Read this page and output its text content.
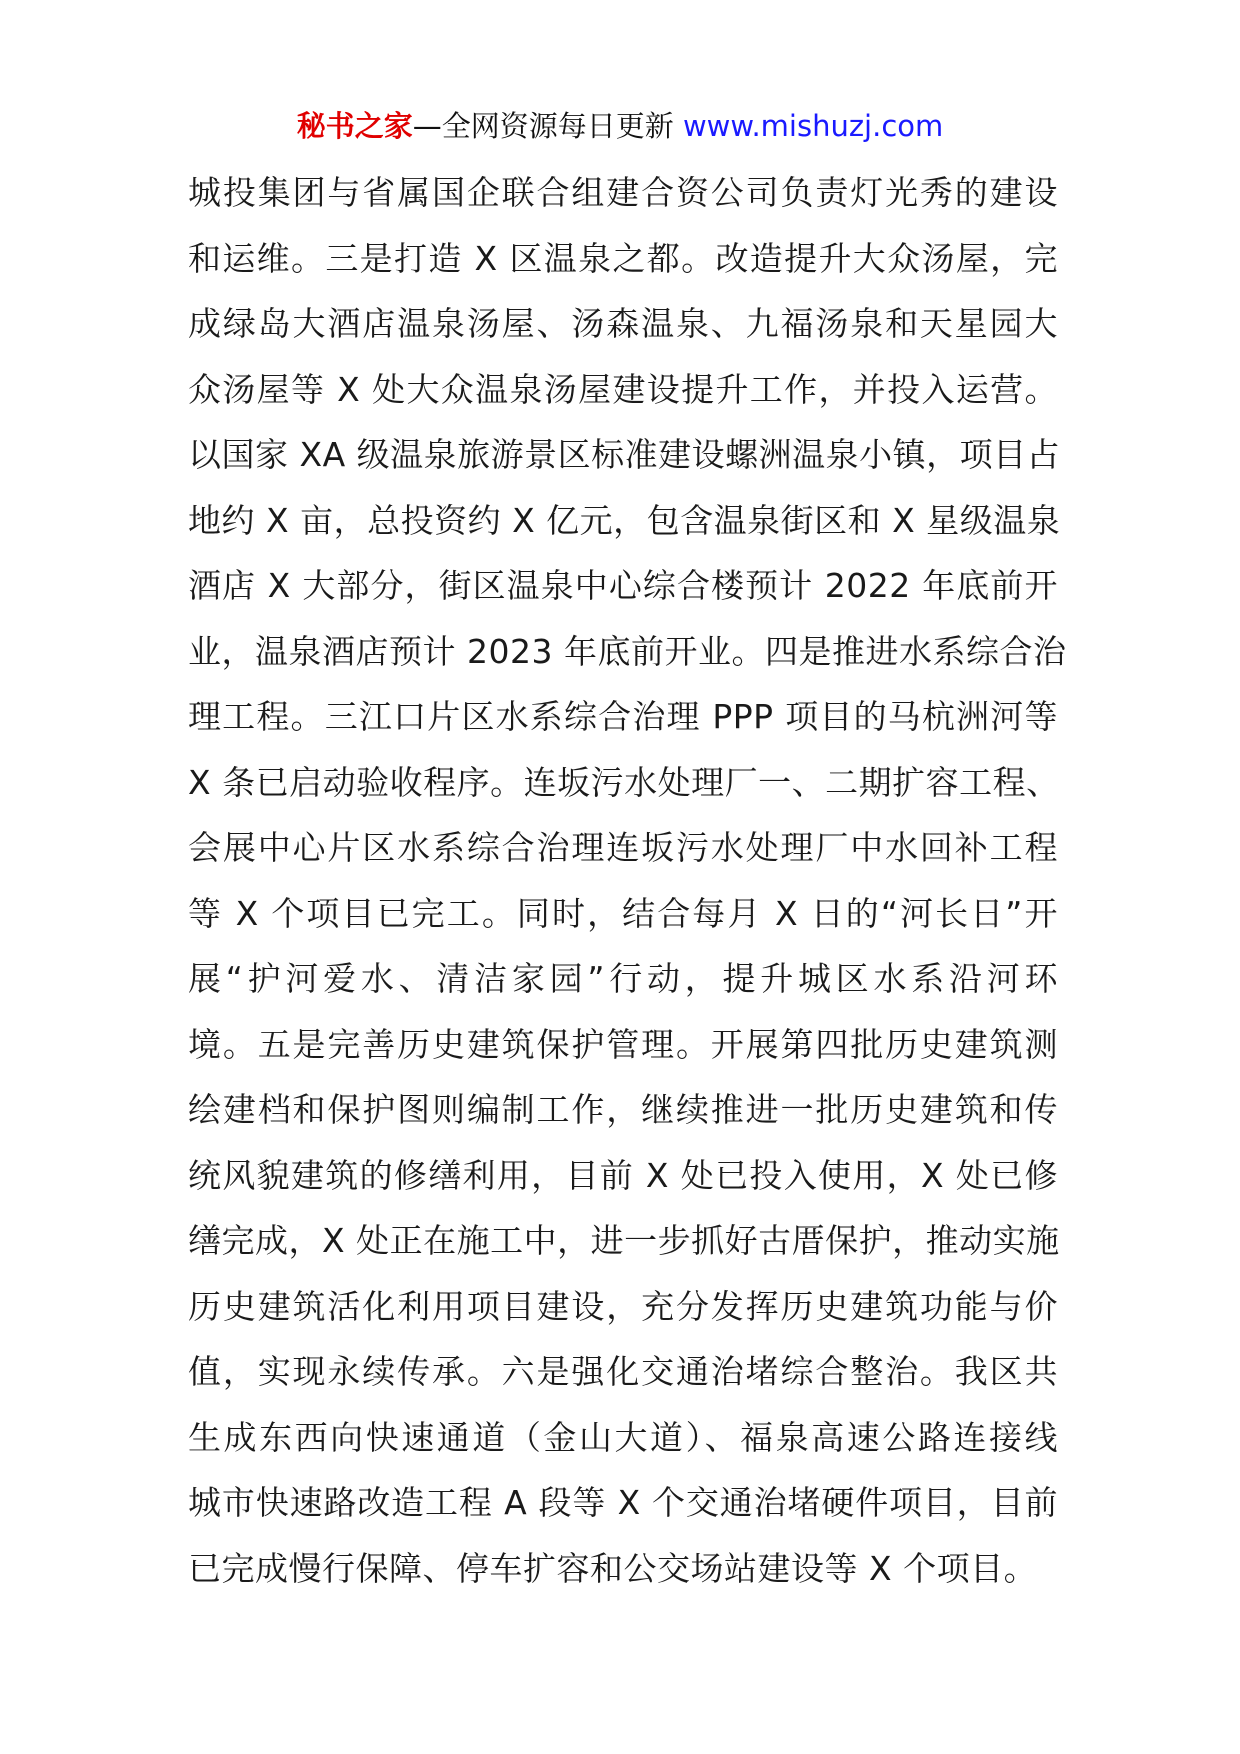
秘书之家—全网资源每日更新 www.mishuzj.com
城投集团与省属国企联合组建合资公司负责灯光秀的建设
和运维。三是打造 X 区温泉之都。改造提升大众汤屋，完
成绿岛大酒店温泉汤屋、汤森温泉、九福汤泉和天星园大
众汤屋等 X 处大众温泉汤屋建设提升工作，并投入运营。
以国家 XA 级温泉旅游景区标准建设螺洲温泉小镇，项目占
地约 X 亩，总投资约 X 亿元，包含温泉街区和 X 星级温泉
酒店 X 大部分，街区温泉中心综合楼预计 2022 年底前开
业，温泉酒店预计 2023 年底前开业。四是推进水系综合治
理工程。三江口片区水系综合治理 PPP 项目的马杭洲河等
X 条已启动验收程序。连坂污水处理厂一、二期扩容工程、
会展中心片区水系综合治理连坂污水处理厂中水回补工程
等 X 个项目已完工。同时，结合每月 X 日的“河长日”开
展“护河爱水、清洁家园”行动，提升城区水系沿河环
境。五是完善历史建筑保护管理。开展第四批历史建筑测
绘建档和保护图则编制工作，继续推进一批历史建筑和传
统风貌建筑的修缮利用，目前 X 处已投入使用，X 处已修
缮完成，X 处正在施工中，进一步抓好古厝保护，推动实施
历史建筑活化利用项目建设，充分发挥历史建筑功能与价
值，实现永续传承。六是强化交通治堵综合整治。我区共
生成东西向快速通道（金山大道）、福泉高速公路连接线
城市快速路改造工程 A 段等 X 个交通治堵硬件项目，目前
已完成慢行保障、停车扩容和公交场站建设等 X 个项目。
